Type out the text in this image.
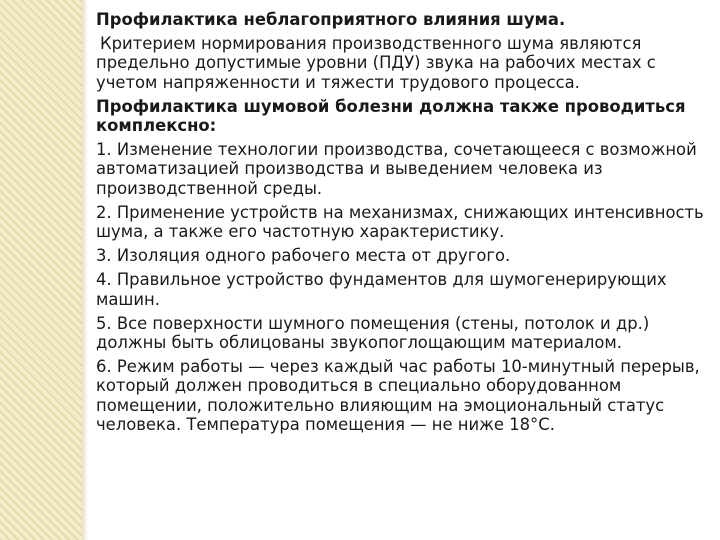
Профилактика неблагоприятного влияния шума.

Критерием нормирования производственного шума являются предельно допустимые уровни (ПДУ) звука на рабочих местах с учетом напряженности и тяжести трудового процесса.

Профилактика шумовой болезни должна также проводиться комплексно:

1. Изменение технологии производства, сочетающееся с возможной автоматизацией производства и выведением человека из производственной среды.

2. Применение устройств на механизмах, снижающих интенсивность шума, а также его частотную характеристику.

3. Изоляция одного рабочего места от другого.

4. Правильное устройство фундаментов для шумогенерирующих машин.

5. Все поверхности шумного помещения (стены, потолок и др.) должны быть облицованы звукопоглощающим материалом.

6. Режим работы — через каждый час работы 10-минутный перерыв, который должен проводиться в специально оборудованном помещении, положительно влияющим на эмоциональный статус человека. Температура помещения — не ниже 18°С.
